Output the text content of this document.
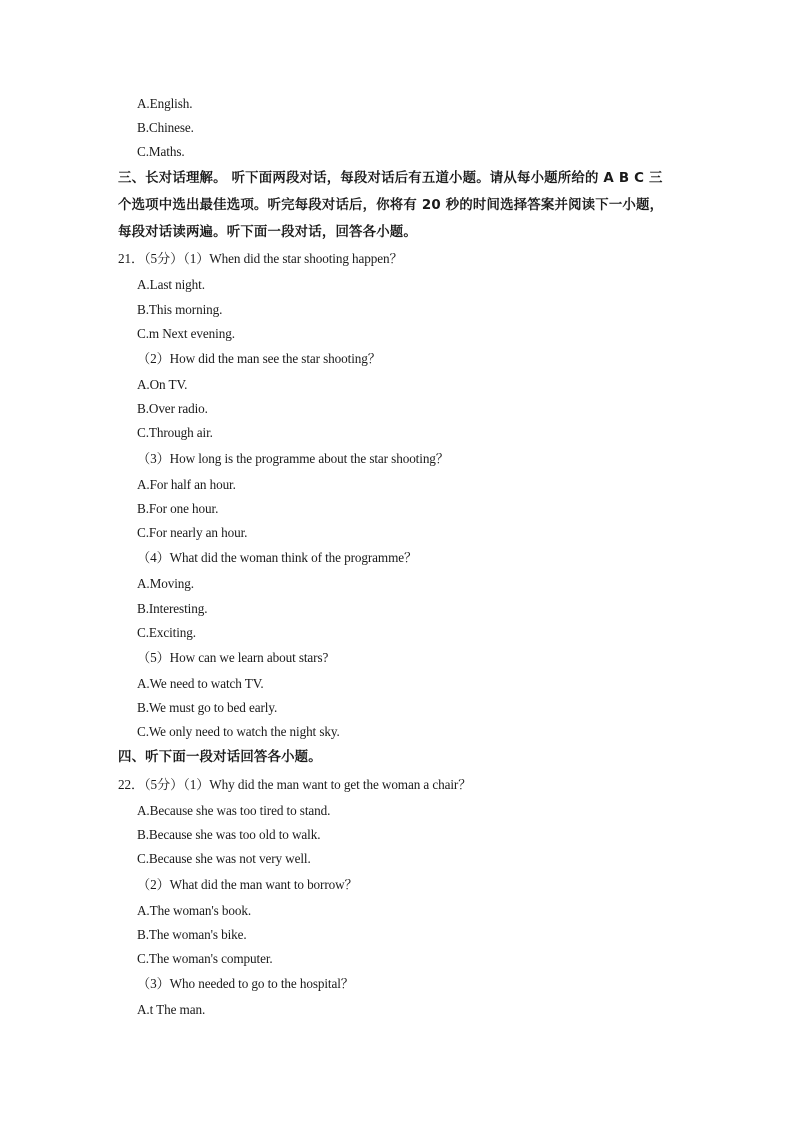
A.English.
B.Chinese.
C.Maths.
三、长对话理解。 听下面两段对话，每段对话后有五道小题。请从每小题所给的 A B C 三
个选项中选出最佳选项。听完每段对话后，你将有 20 秒的时间选择答案并阅读下一小题，
每段对话读两遍。听下面一段对话，回答各小题。
21．（5分）（1）When did the star shooting happen？
A.Last night.
B.This morning.
C.m Next evening.
（2）How did the man see the star shooting？
A.On TV.
B.Over radio.
C.Through air.
（3）How long is the programme about the star shooting？
A.For half an hour.
B.For one hour.
C.For nearly an hour.
（4）What did the woman think of the programme？
A.Moving.
B.Interesting.
C.Exciting.
（5）How can we learn about stars?
A.We need to watch TV.
B.We must go to bed early.
C.We only need to watch the night sky.
四、听下面一段对话回答各小题。
22．（5分）（1）Why did the man want to get the woman a chair？
A.Because she was too tired to stand.
B.Because she was too old to walk.
C.Because she was not very well.
（2）What did the man want to borrow？
A.The woman's book.
B.The woman's bike.
C.The woman's computer.
（3）Who needed to go to the hospital？
A.t The man.
